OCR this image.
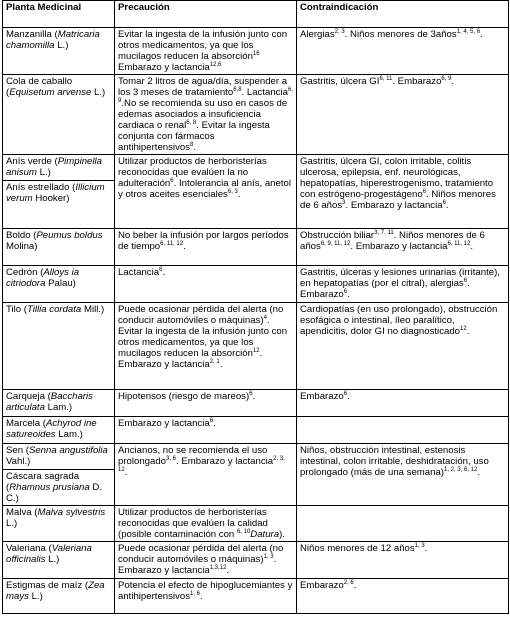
Planta Medicinal	Precaución	Contraindicación

Manzanilla (Matricaria chamomilla L.)	Evitar la ingesta de la infusión junto con otros medicamentos, ya que los mucilagos reducen la absorción$^{16}$ Embarazo y lactancia$^{12,6}$	Alergias$^{2, 3}$. Niños menores de 3años$^{1, 4, 5, 6}$.

Cola de caballo (Equisetum arvense L.)	Tomar 2 litros de agua/día, suspender a los 3 meses de tratamiento$^{6,8}$. Lactancia$^{6, 9}$.No se recomienda su uso en casos de edemas asociados a insuficiencia cardiaca o renal$^{6, 8}$. Evitar la ingesta conjunta con fármacos antihipertensivos$^8$.	Gastritis, úlcera GI$^{6, 11}$. Embarazo$^{6, 9}$.

Anís verde (Pimpinella anisum L.)
Anís estrellado (Illicium verum Hooker)	Utilizar productos de herboristerías reconocidas que evalúen la no adulteración$^6$. Intolerancia al anís, anetol y otros aceites esenciales$^{6, 3}$.	Gastritis, úlcera GI, colon irritable, colitis ulcerosa, epilepsia, enf. neurológicas, hepatopatías, hiperestrogenismo, tratamiento con estrógeno-progestágeno$^6$. Niños menores de 6 años$^3$. Embarazo y lactancia$^6$.

Boldo (Peumus boldus Molina)	No beber la infusión por largos períodos de tiempo$^{6, 11, 12}$.	Obstrucción biliar$^{3, 7, 11}$. Niños menores de 6 años$^{6, 9, 11, 12}$. Embarazo y lactancia$^{6, 11, 12}$.

Cedrón (Alloys ia citriodora Palau)	Lactancia$^6$.	Gastritis, úlceras y lesiones urinarias (irritante), en hepatopatías (por el citral), alergias$^6$. Embarazo$^6$.

Tilo (Tillia cordata Mill.)	Puede ocasionar pérdida del alerta (no conducir automóviles o máquinas)$^4$. Evitar la ingesta de la infusión junto con otros medicamentos, ya que los mucilagos reducen la absorción$^{12}$. Embarazo y lactancia$^{2, 1}$.	Cardiopatías (en uso prolongado), obstrucción esofágica o intestinal, íleo paralítico, apendicitis, dolor GI no diagnosticado$^{12}$.

Carqueja (Baccharis articulata Lam.)	Hipotensos (riesgo de mareos)$^6$.	Embarazo$^6$.

Marcela (Achyrod ine satureoides Lam.)	Embarazo y lactancia$^6$.	

Sen (Senna angustifolia Vahl.)
Cáscara sagrada (Rhamnus prusiana D. C.)	Ancianos, no se recomienda el uso prolongado$^{3, 6}$. Embarazo y lactancia$^{2, 3, 12}$.	Niños, obstrucción intestinal, estenosis intestinal, colon irritable, deshidratación, uso prolongado (más de una semana)$^{1, 2, 3, 6, 12}$.

Malva (Malva sylvestris L.)	Utilizar productos de herboristerías reconocidas que evalúen la calidad (posible contaminación con $^{6, 10}$Datura).	

Valeriana (Valeriana officinalis L.)	Puede ocasionar pérdida del alerta (no conducir automóviles o máquinas)$^{1, 3}$. Embarazo y lactancia$^{1,3,12}$.	Niños menores de 12 años$^{1, 3}$.

Estigmas de maíz (Zea mays L.)	Potencia el efecto de hipoglucemiantes y antihipertensivos$^{1, 6}$.	Embarazo$^{2, 6}$.
